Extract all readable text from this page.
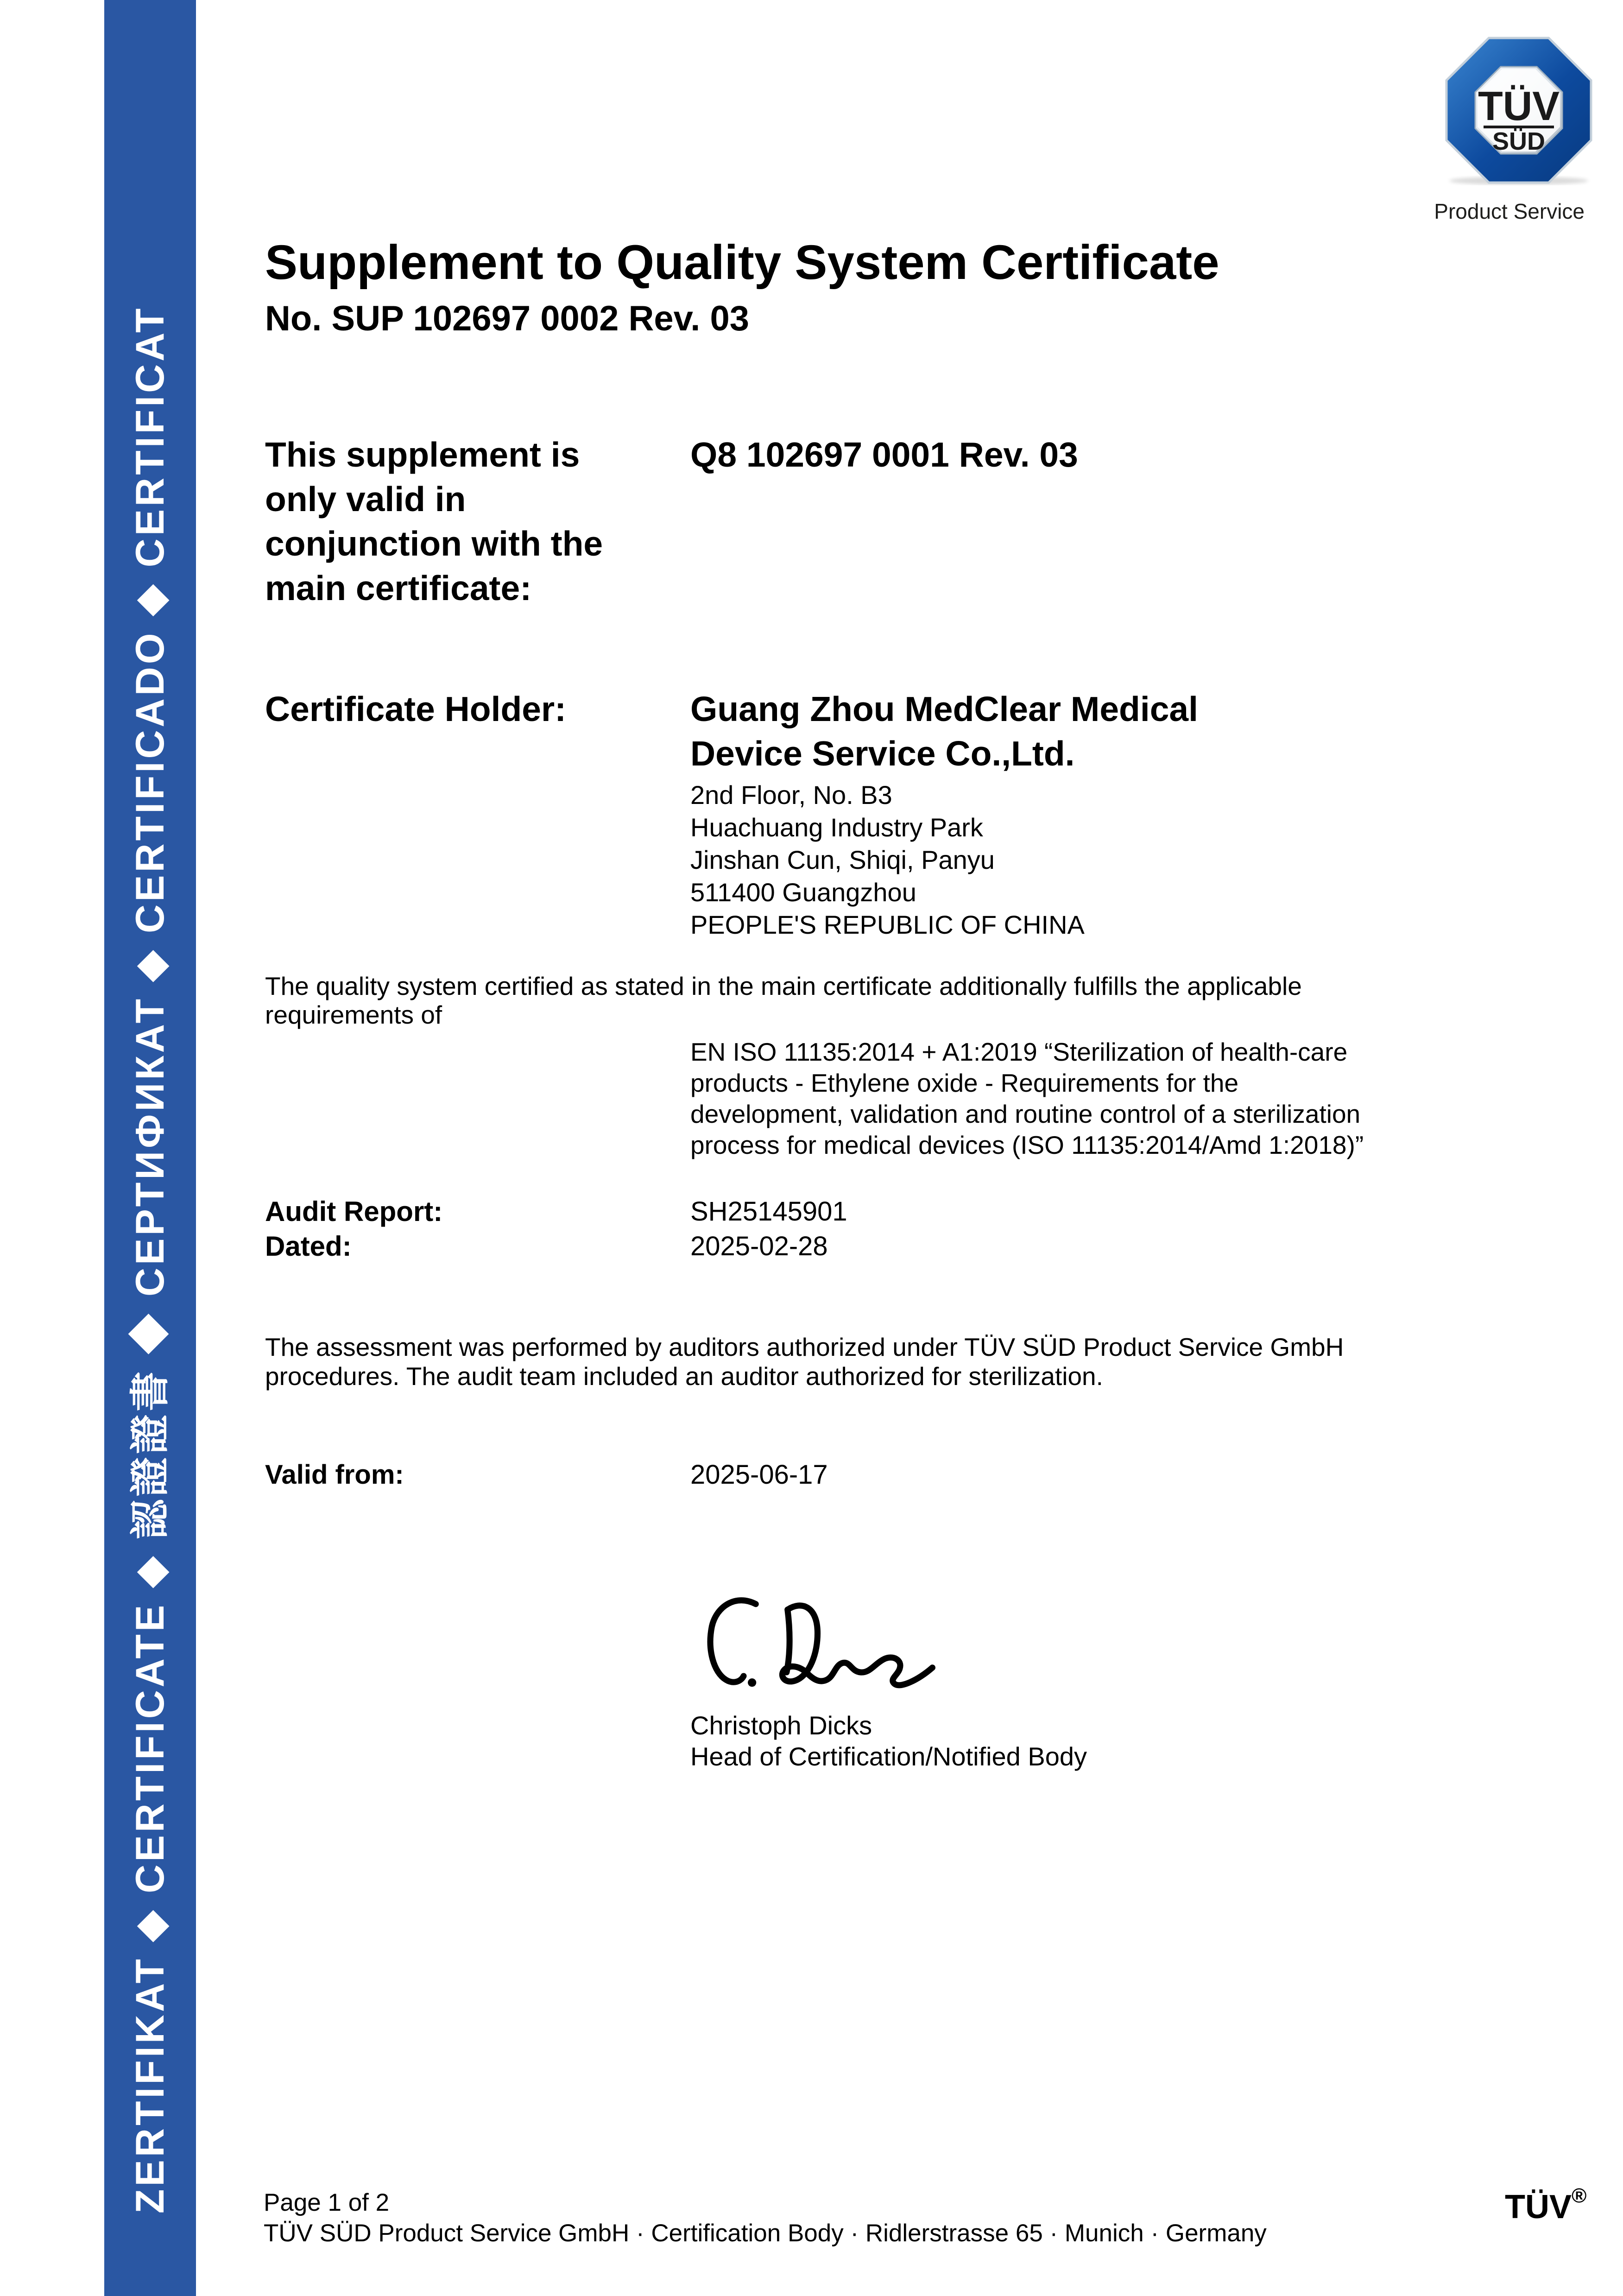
ZERTIFIKAT ◆ CERTIFICATE ◆ 認證證書 ◆ СЕРТИФИКАТ ◆ CERTIFICADO ◆ CERTIFICAT
TÜV
SÜD
Product Service
Supplement to Quality System Certificate
No. SUP 102697 0002 Rev. 03
This supplement is
only valid in
conjunction with the
main certificate:
Q8 102697 0001 Rev. 03
Certificate Holder:	Guang Zhou MedClear Medical
Device Service Co.,Ltd.
2nd Floor, No. B3
Huachuang Industry Park
Jinshan Cun, Shiqi, Panyu
511400 Guangzhou
PEOPLE'S REPUBLIC OF CHINA
The quality system certified as stated in the main certificate additionally fulfills the applicable
requirements of
EN ISO 11135:2014 + A1:2019 “Sterilization of health-care
products - Ethylene oxide - Requirements for the
development, validation and routine control of a sterilization
process for medical devices (ISO 11135:2014/Amd 1:2018)”
Audit Report:
Dated:
SH25145901
2025-02-28
The assessment was performed by auditors authorized under TÜV SÜD Product Service GmbH
procedures. The audit team included an auditor authorized for sterilization.
Valid from:	2025-06-17
Christoph Dicks
Head of Certification/Notified Body
Page 1 of 2
TÜV SÜD Product Service GmbH · Certification Body · Ridlerstrasse 65 · Munich · Germany
TÜV®
